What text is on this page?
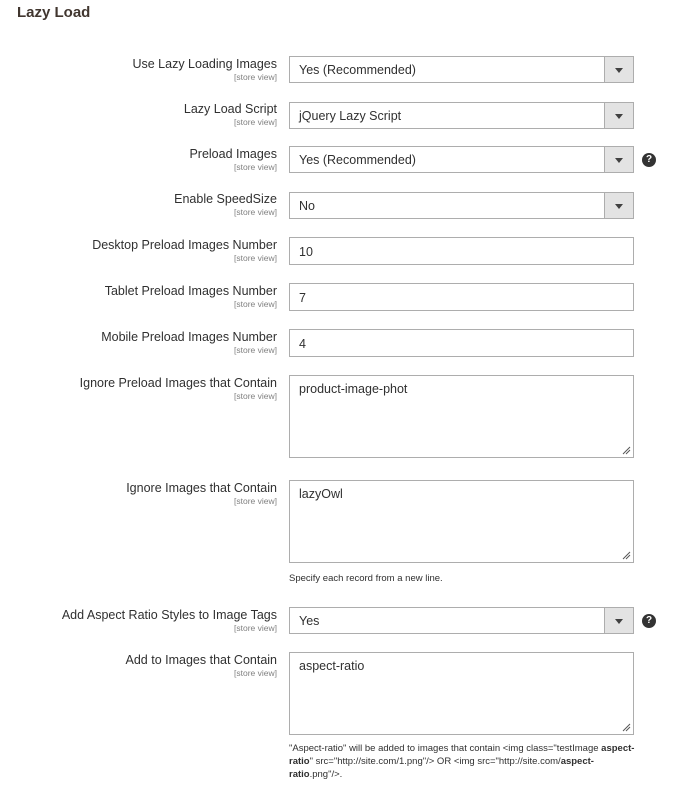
Lazy Load
Use Lazy Loading Images
[store view] Yes (Recommended)
Lazy Load Script
[store view] jQuery Lazy Script
Preload Images
[store view] Yes (Recommended)	?
Enable SpeedSize
[store view] No
Desktop Preload Images Number
[store view] 10
Tablet Preload Images Number
[store view] 7
Mobile Preload Images Number
[store view] 4
Ignore Preload Images that Contain
[store view] product-image-phot
Ignore Images that Contain
[store view] lazyOwl
Specify each record from a new line.
Add Aspect Ratio Styles to Image Tags
[store view] Yes	?
Add to Images that Contain
[store view] aspect-ratio
"Aspect-ratio" will be added to images that contain <img class="testImage aspect-ratio" src="http://site.com/1.png"/> OR <img src="http://site.com/aspect-ratio.png"/>.
